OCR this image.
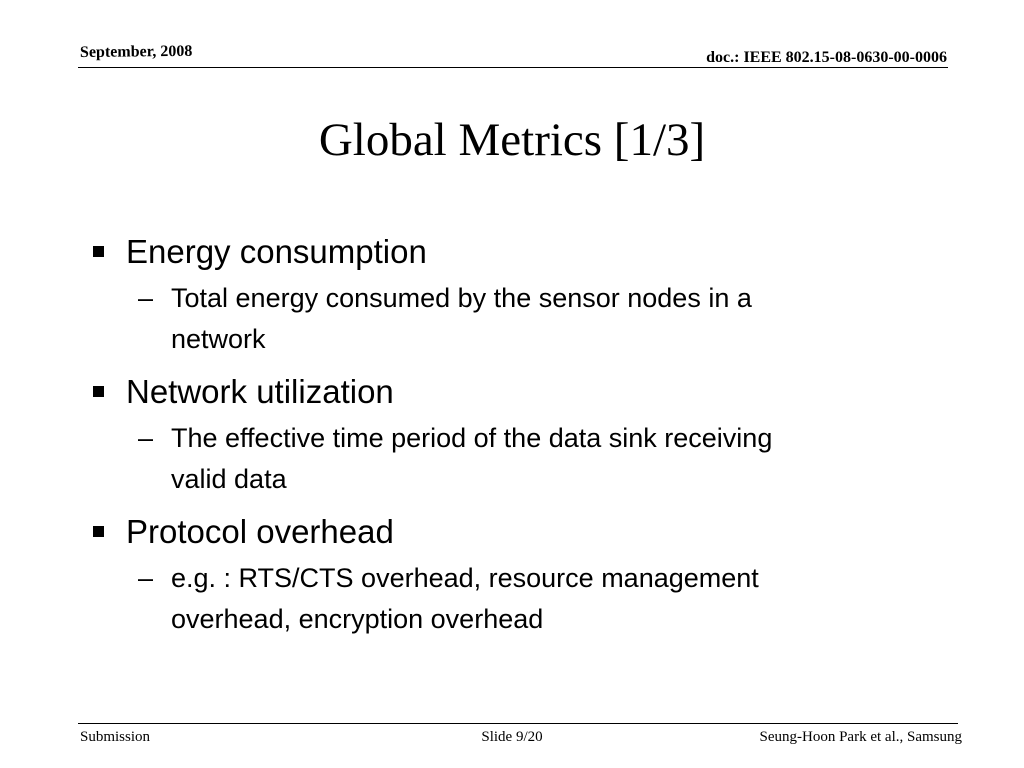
September, 2008	doc.: IEEE 802.15-08-0630-00-0006
Global Metrics [1/3]
Energy consumption
– Total energy consumed by the sensor nodes in a
network
Network utilization
– The effective time period of the data sink receiving
valid data
Protocol overhead
– e.g. : RTS/CTS overhead, resource management
overhead, encryption overhead
Submission	Slide 9/20	Seung-Hoon Park et al., Samsung
